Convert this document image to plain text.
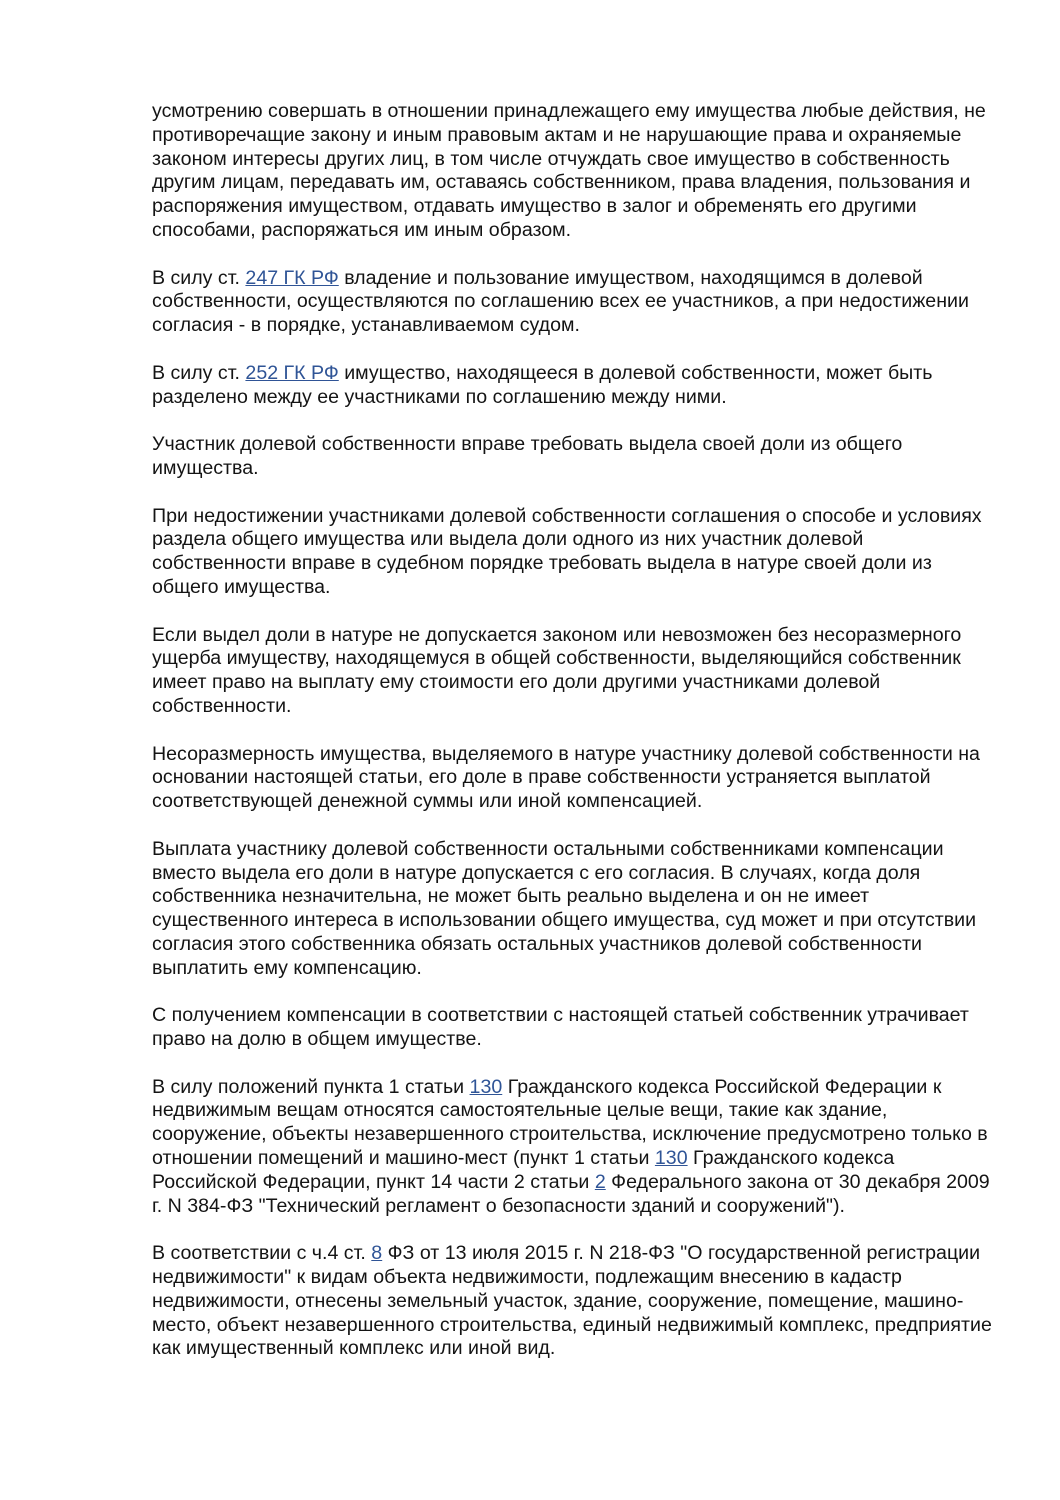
усмотрению совершать в отношении принадлежащего ему имущества любые действия, не противоречащие закону и иным правовым актам и не нарушающие права и охраняемые законом интересы других лиц, в том числе отчуждать свое имущество в собственность другим лицам, передавать им, оставаясь собственником, права владения, пользования и распоряжения имуществом, отдавать имущество в залог и обременять его другими способами, распоряжаться им иным образом.

В силу ст. 247 ГК РФ владение и пользование имуществом, находящимся в долевой собственности, осуществляются по соглашению всех ее участников, а при недостижении согласия - в порядке, устанавливаемом судом.

В силу ст. 252 ГК РФ имущество, находящееся в долевой собственности, может быть разделено между ее участниками по соглашению между ними.

Участник долевой собственности вправе требовать выдела своей доли из общего имущества.

При недостижении участниками долевой собственности соглашения о способе и условиях раздела общего имущества или выдела доли одного из них участник долевой собственности вправе в судебном порядке требовать выдела в натуре своей доли из общего имущества.

Если выдел доли в натуре не допускается законом или невозможен без несоразмерного ущерба имуществу, находящемуся в общей собственности, выделяющийся собственник имеет право на выплату ему стоимости его доли другими участниками долевой собственности.

Несоразмерность имущества, выделяемого в натуре участнику долевой собственности на основании настоящей статьи, его доле в праве собственности устраняется выплатой соответствующей денежной суммы или иной компенсацией.

Выплата участнику долевой собственности остальными собственниками компенсации вместо выдела его доли в натуре допускается с его согласия. В случаях, когда доля собственника незначительна, не может быть реально выделена и он не имеет существенного интереса в использовании общего имущества, суд может и при отсутствии согласия этого собственника обязать остальных участников долевой собственности выплатить ему компенсацию.

С получением компенсации в соответствии с настоящей статьей собственник утрачивает право на долю в общем имуществе.

В силу положений пункта 1 статьи 130 Гражданского кодекса Российской Федерации к недвижимым вещам относятся самостоятельные целые вещи, такие как здание, сооружение, объекты незавершенного строительства, исключение предусмотрено только в отношении помещений и машино-мест (пункт 1 статьи 130 Гражданского кодекса Российской Федерации, пункт 14 части 2 статьи 2 Федерального закона от 30 декабря 2009 г. N 384-ФЗ "Технический регламент о безопасности зданий и сооружений").

В соответствии с ч.4 ст. 8 ФЗ от 13 июля 2015 г. N 218-ФЗ "О государственной регистрации недвижимости" к видам объекта недвижимости, подлежащим внесению в кадастр недвижимости, отнесены земельный участок, здание, сооружение, помещение, машино-место, объект незавершенного строительства, единый недвижимый комплекс, предприятие как имущественный комплекс или иной вид.
